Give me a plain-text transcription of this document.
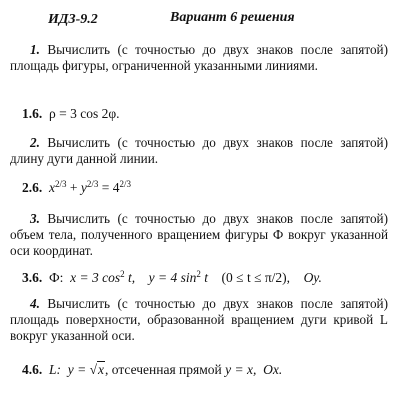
ИДЗ-9.2	Вариант 6 решения
1. Вычислить (с точностью до двух знаков после запятой) площадь фигуры, ограниченной указанными линиями.
1.6. ρ = 3 cos 2φ.
2. Вычислить (с точностью до двух знаков после запятой) длину дуги данной линии.
2.6. $x^{2/3} + y^{2/3} = 4^{2/3}$
3. Вычислить (с точностью до двух знаков после запятой) объем тела, полученного вращением фигуры Ф вокруг указанной оси координат.
3.6. Ф: x = 3 $\cos^2 t$, y = 4 $\sin^2 t$ (0 ≤ t ≤ π/2), Oy.
4. Вычислить (с точностью до двух знаков после запятой) площадь поверхности, образованной вращением дуги кривой L вокруг указанной оси.
4.6. L: y = √x, отсеченная прямой y = x, Ox.
